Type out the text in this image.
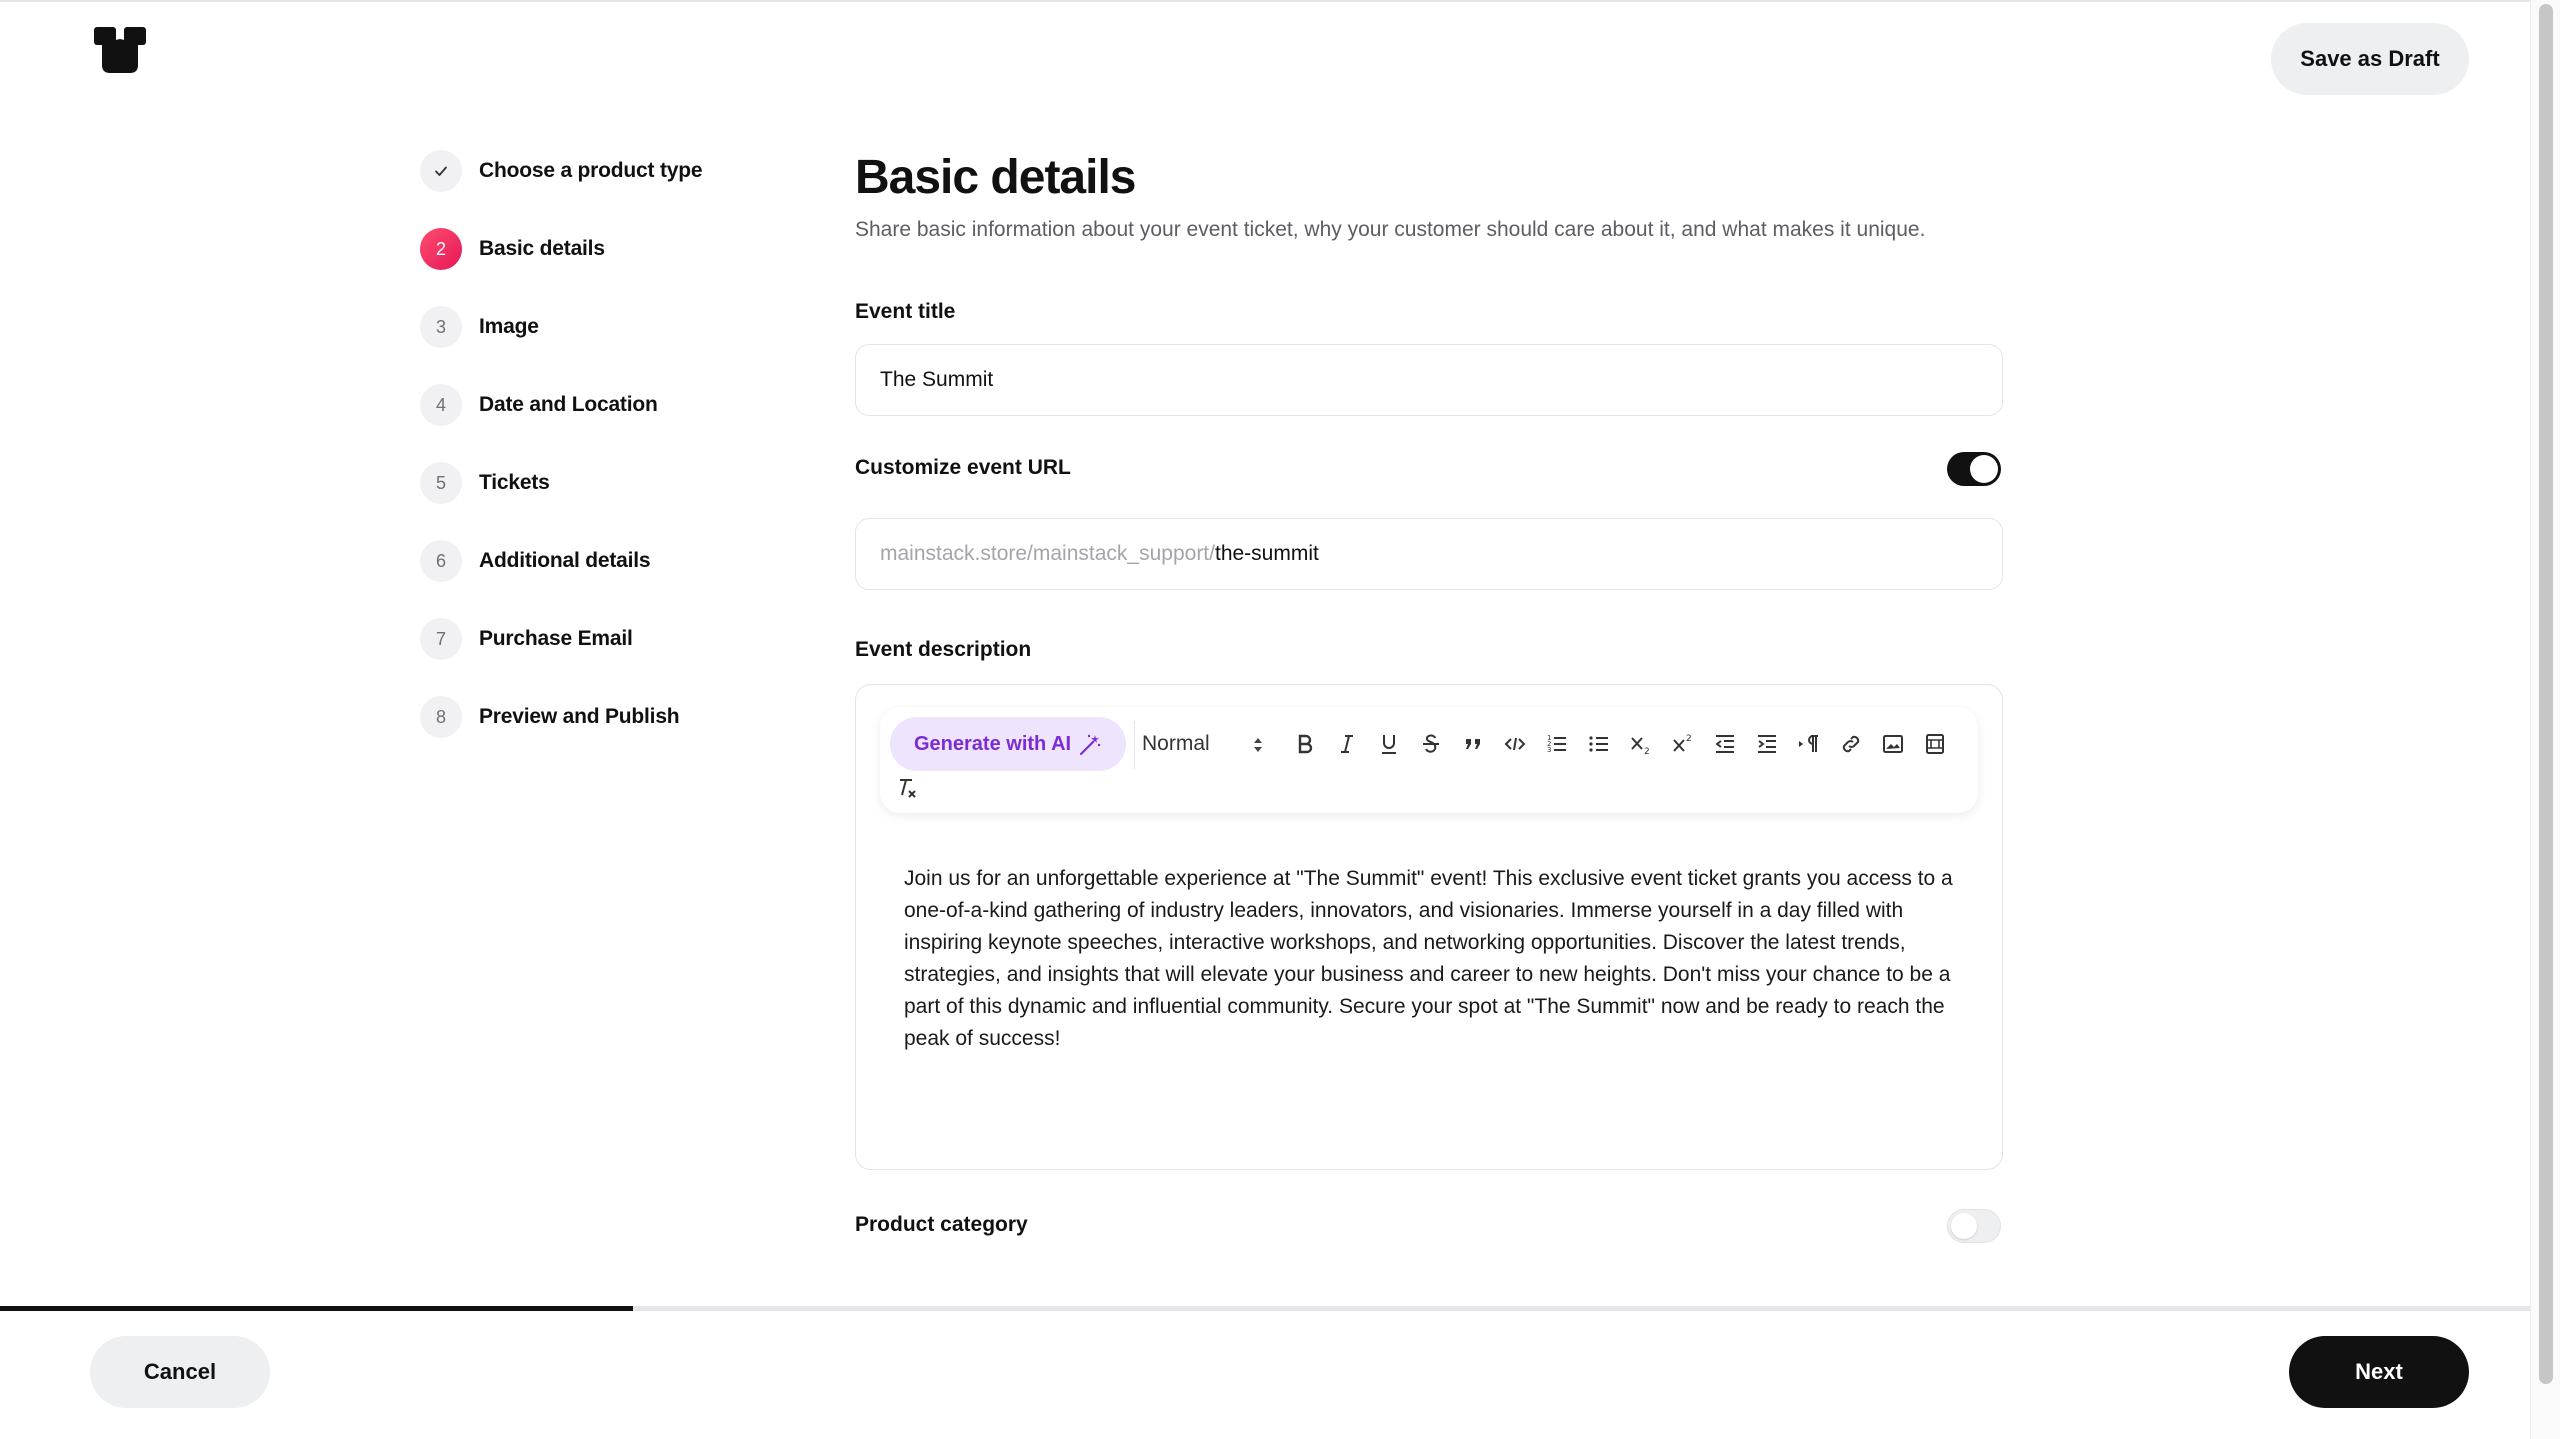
Save as Draft
Choose a product type
2	Basic details
3	Image
4	Date and Location
5	Tickets
6	Additional details
7	Purchase Email
8	Preview and Publish
Basic details

Share basic information about your event ticket, why your customer should care about it, and what makes it unique.

Event title
The Summit
Customize event URL
mainstack.store/mainstack_support/ the-summit
Event description
Generate with AI	Normal	1
2
3	2
2
Join us for an unforgettable experience at "The Summit" event! This exclusive event ticket grants you access to a one-of-a-kind gathering of industry leaders, innovators, and visionaries. Immerse yourself in a day filled with inspiring keynote speeches, interactive workshops, and networking opportunities. Discover the latest trends, strategies, and insights that will elevate your business and career to new heights. Don't miss your chance to be a part of this dynamic and influential community. Secure your spot at "The Summit" now and be ready to reach the peak of success!
Product category
Cancel	Next
